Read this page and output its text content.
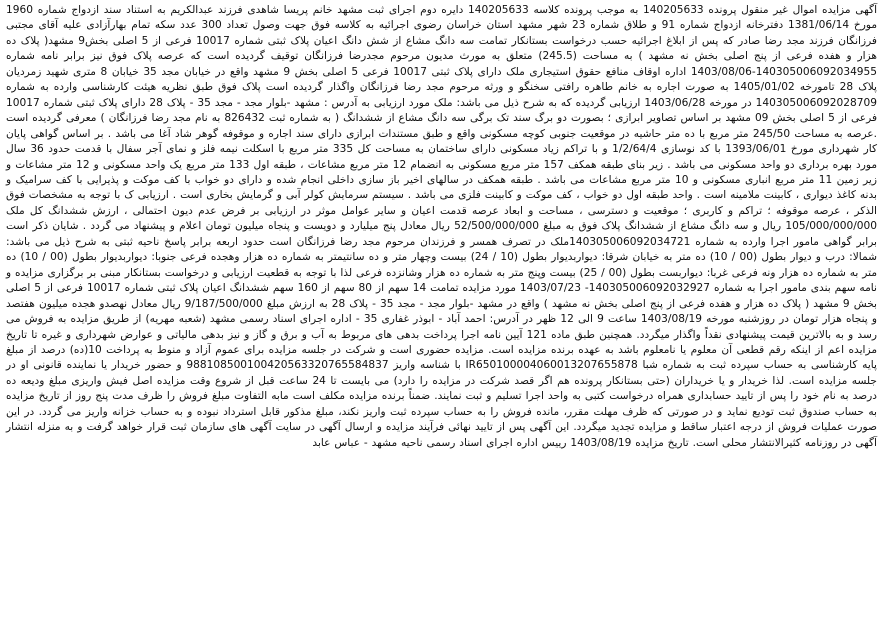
آگهی مزایده اموال غیر منقول پرونده 140205633 به موجب پرونده کلاسه 140205633 دایره دوم اجرای ثبت مشهد خانم پریسا شاهدی فرزند عبدالکریم به استناد سند ازدواج شماره 1960 مورخ 1381/06/14 دفترخانه ازدواج شماره 91 و طلاق شماره 23 شهر مشهد استان خراسان رضوی اجرائیه به کلاسه فوق جهت وصول تعداد 300 عدد سکه تمام بهارآزادی علیه آقای مجتبی فرزانگان فرزند مجد رضا صادر که پس از ابلاغ اجرائیه حسب درخواست بستانکار تمامت سه دانگ مشاع از شش دانگ اعیان پلاک ثبتی شماره 10017 فرعی از 5 اصلی بخش9 مشهد( پلاک ده هزار و هفده فرعی از پنج اصلی بخش نه مشهد ) به مساحت (245.5) متعلق به مورث مدیون مرحوم مجدرضا فرزانگان توقیف گردیده است که عرصه پلاک فوق نیز برابر نامه شماره 140305006092034955-1403/08/06 اداره اوقاف منافع حقوق استیجاری ملک دارای پلاک ثبتی 10017 فرعی 5 اصلی بخش 9 مشهد واقع در خیابان مجد 35 خیابان 8 متری شهید زمردیان پلاک 28 تامورخه 1405/01/02 به صورت اجاره به خانم طاهره رافتی سخنگو و ورثه مرحوم مجد رضا فرزانگان واگذار گردیده است پلاک فوق طبق نظریه هیئت کارشناسی وارده به شماره 140305006092028709 در مورخه 1403/06/28 ارزیابی گردیده که به شرح ذیل می باشد: ملک مورد ارزیابی به آدرس : مشهد -بلوار مجد - مجد 35 - پلاک 28 دارای پلاک ثبتی شماره 10017 فرعی از 5 اصلی بخش 09 مشهد بر اساس تصاویر ابرازی ؛ بصورت دو برگ سند تک برگی سه دانگ مشاع از ششدانگ ( به شماره ثبت 826432 به نام مجد رضا فرزانگان ) معرفی گردیده است .عرصه به مساحت 245/50 متر مربع با ده متر حاشیه در موقعیت جنوبی کوچه مسکونی واقع و طبق مستندات ابرازی دارای سند اجاره و موقوفه گوهر شاد آغا می باشد . بر اساس گواهی پایان کار شهرداری مورخ 1393/06/01 با کد نوسازی 1/2/64/4 و با تراکم زیاد مسکونی دارای ساختمان به مساحت کل 335 متر مربع با اسکلت نیمه فلز و نمای آجر سفال با قدمت حدود 36 سال مورد بهره برداری دو واحد مسکونی می باشد . زیر بنای طبقه همکف 157 متر مربع مسکونی به انضمام 12 متر مربع مشاعات ، طبقه اول 133 متر مربع یک واحد مسکونی و 12 متر مشاعات و زیر زمین 11 متر مربع انباری مسکونی و 10 متر مربع مشاعات می باشد . طبقه همکف در سالهای اخیر باز سازی داخلی انجام شده و دارای دو خواب با کف موکت و پذیرایی با کف سرامیک و بدنه کاغذ دیواری ، کابینت ملامینه است . واحد طبقه اول دو خواب ، کف موکت و کابینت فلزی می باشد . سیستم سرمایش کولر آبی و گرمایش بخاری است . ارزیابی ک با توجه به مشخصات فوق الذکر ، عرصه موقوفه ؛ تراکم و کاربری ؛ موقعیت و دسترسی ، مساحت و ابعاد عرصه قدمت اعیان و سایر عوامل موثر در ارزیابی بر فرض عدم دیون احتمالی ، ارزش ششدانگ کل ملک 105/000/000/000 ریال و سه دانگ مشاع از ششدانگ پلاک فوق به مبلغ 52/500/000/000 ریال معادل پنج میلیارد و دویست و پنجاه میلیون تومان اعلام و پیشنهاد می گردد . شایان ذکر است برابر گواهی مامور اجرا وارده به شماره 140305006092034721ملک در تصرف همسر و فرزندان مرحوم مجد رضا فرزانگان است حدود اربعه برابر پاسخ ناحیه ثبتی به شرح ذیل می باشد: شمالا: درب و دیوار بطول (00 / 10) ده متر به خیابان شرقا: دیواربدیوار بطول (10 / 24) بیست وچهار متر و ده سانتیمتر به شماره ده هزار وهجده فرعی جنوبا: دیواربدیوار بطول (00 / 10) ده متر به شماره ده هزار ونه فرعی غربا: دیواربست بطول (00 / 25) بیست وپنج متر به شماره ده هزار وشانزده فرعی لذا با توجه به قطعیت ارزیابی و درخواست بستانکار مبنی بر برگزاری مزایده و نامه سهم بندی مامور اجرا به شماره 140305006092032927- 1403/07/23 مورد مزایده تمامت 14 سهم از 80 سهم از 160 سهم ششدانگ اعیان پلاک ثبتی شماره 10017 فرعی از 5 اصلی بخش 9 مشهد ( پلاک ده هزار و هفده فرعی از پنج اصلی بخش نه مشهد ) واقع در مشهد -بلوار مجد - مجد 35 - پلاک 28 به ارزش مبلغ 9/187/500/000 ریال معادل نهصدو هجده میلیون هفتصد و پنجاه هزار تومان در روزشنبه مورخه 1403/08/19 ساعت 9 الی 12 ظهر در آدرس: احمد آباد - ابوذر غفاری 35 - اداره اجرای اسناد رسمی مشهد (شعبه مهریه) از طریق مزایده به فروش می رسد و به بالاترین قیمت پیشنهادی نقداً واگذار میگردد. همچنین طبق ماده 121 آیین نامه اجرا پرداخت بدهی های مربوط به آب و برق و گاز و نیز بدهی مالیاتی و عوارض شهرداری و غیره تا تاریخ مزایده اعم از اینکه رقم قطعی آن معلوم یا نامعلوم باشد به عهده برنده مزایده است. مزایده حضوری است و شرکت در جلسه مزایده برای عموم آزاد و منوط به پرداخت 10(ده) درصد از مبلغ پایه کارشناسی به حساب سپرده ثبت به شماره شبا IR650100004060013207655878 با شناسه واریز 988108500100420563320765584837 و حضور خریدار یا نماینده قانونی او در جلسه مزایده است. لذا خریدار و یا خریداران (حتی بستانکار پرونده هم اگر قصد شرکت در مزایده را دارد) می بایست تا 24 ساعت قبل از شروع وقت مزایده اصل فیش واریزی مبلغ ودیعه ده درصد به نام خود را پس از تایید حسابداری همراه درخواست کتبی به واحد اجرا تسلیم و ثبت نمایند. ضمناً برنده مزایده مکلف است مابه التفاوت مبلغ فروش را ظرف مدت پنج روز از تاریخ مزایده به حساب صندوق ثبت تودیع نماید و در صورتی که ظرف مهلت مقرر، مانده فروش را به حساب سپرده ثبت واریز نکند، مبلغ مذکور قابل استرداد نبوده و به حساب خزانه واریز می گردد. در این صورت عملیات فروش از درجه اعتبار ساقط و مزایده تجدید میگردد. این آگهی پس از تایید نهائی فرآیند مزایده و ارسال آگهی در سایت آگهی های سازمان ثبت قرار خواهد گرفت و به منزله انتشار آگهی در روزنامه کثیرالانتشار محلی است. تاریخ مزایده 1403/08/19 رییس اداره اجرای اسناد رسمی ناحیه مشهد - عباس عابد
